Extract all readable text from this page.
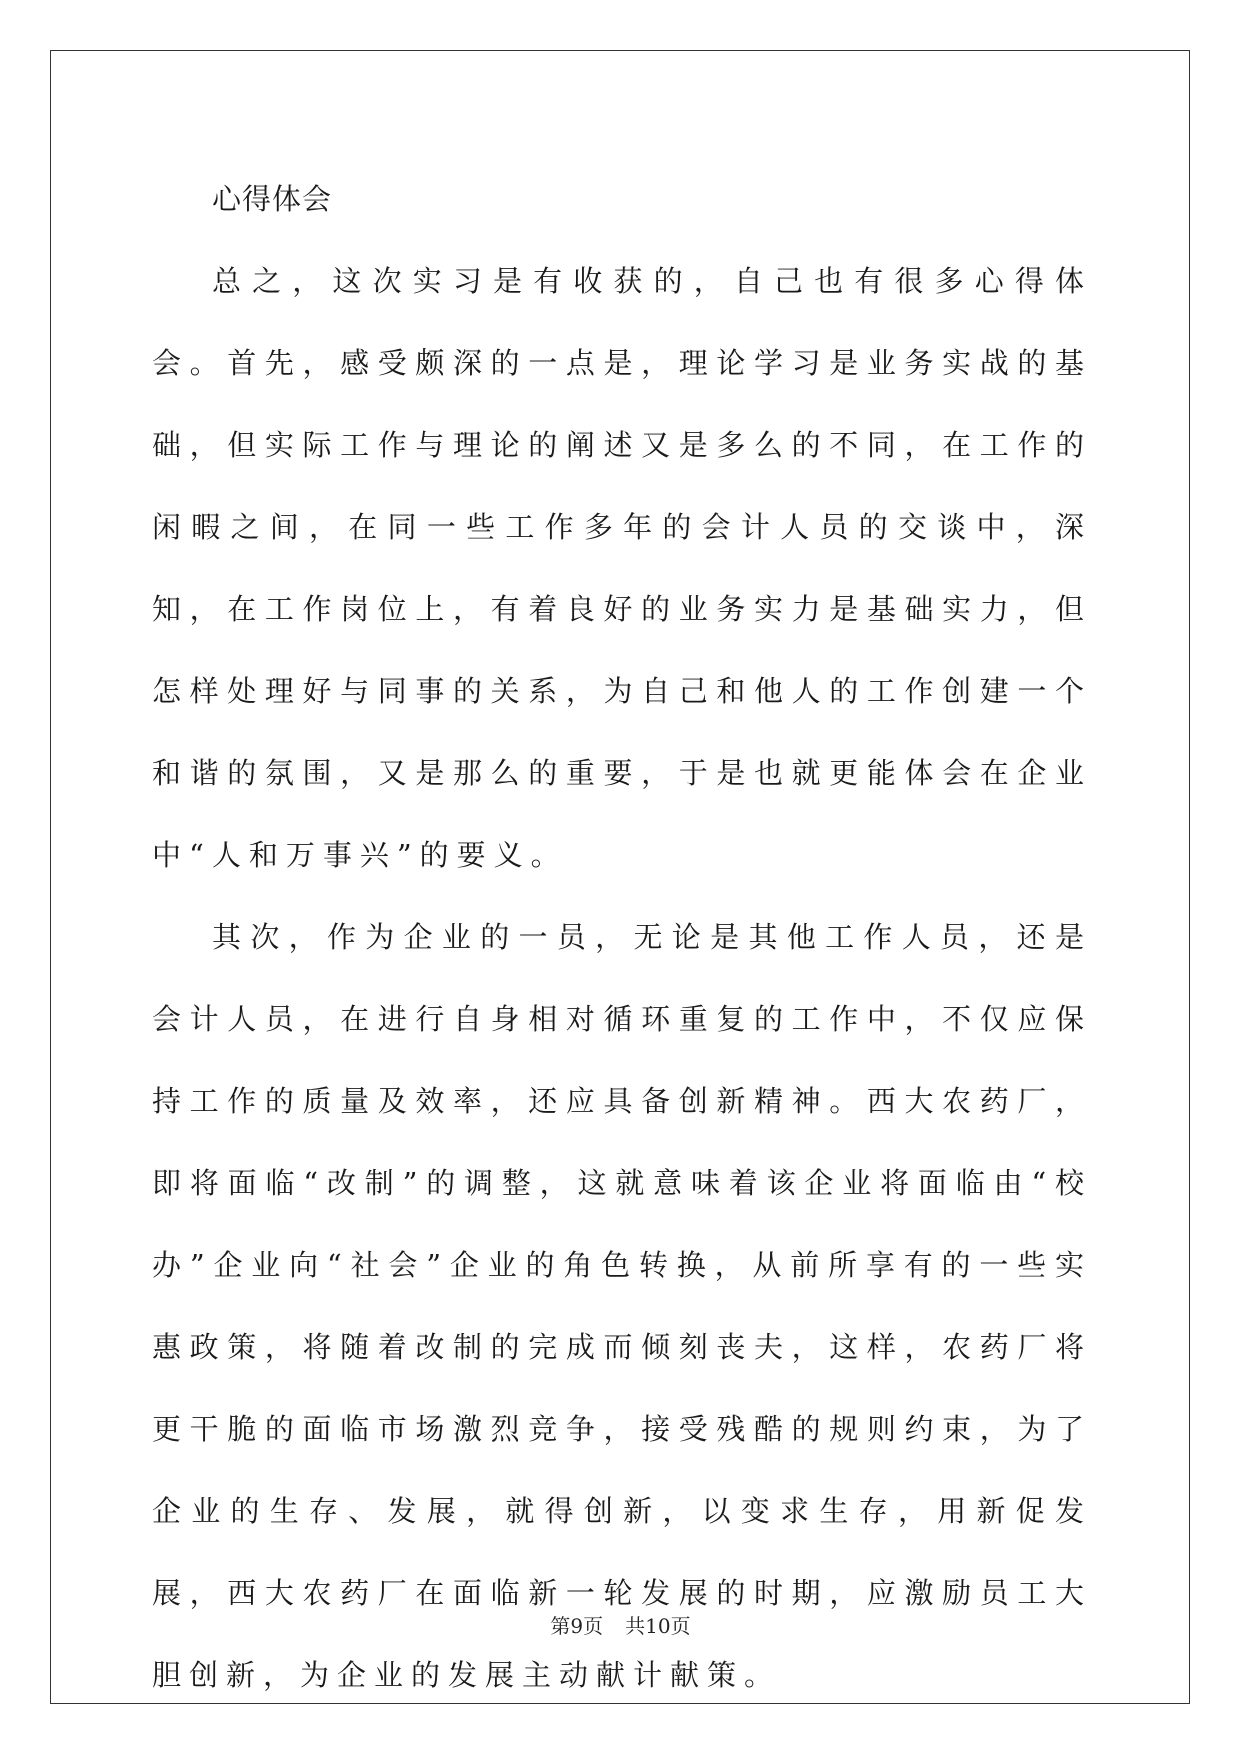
心得体会

总之，这次实习是有收获的，自己也有很多心得体会。首先，感受颇深的一点是，理论学习是业务实战的基础，但实际工作与理论的阐述又是多么的不同，在工作的闲暇之间，在同一些工作多年的会计人员的交谈中，深知，在工作岗位上，有着良好的业务实力是基础实力，但怎样处理好与同事的关系，为自己和他人的工作创建一个和谐的氛围，又是那么的重要，于是也就更能体会在企业中“人和万事兴”的要义。

其次，作为企业的一员，无论是其他工作人员，还是会计人员，在进行自身相对循环重复的工作中，不仅应保持工作的质量及效率，还应具备创新精神。西大农药厂，即将面临“改制”的调整，这就意味着该企业将面临由“校办”企业向“社会”企业的角色转换，从前所享有的一些实惠政策，将随着改制的完成而倾刻丧夫，这样，农药厂将更干脆的面临市场激烈竞争，接受残酷的规则约束，为了企业的生存、发展，就得创新，以变求生存，用新促发展，西大农药厂在面临新一轮发展的时期，应激励员工大胆创新，为企业的发展主动献计献策。

第9页 共10页
